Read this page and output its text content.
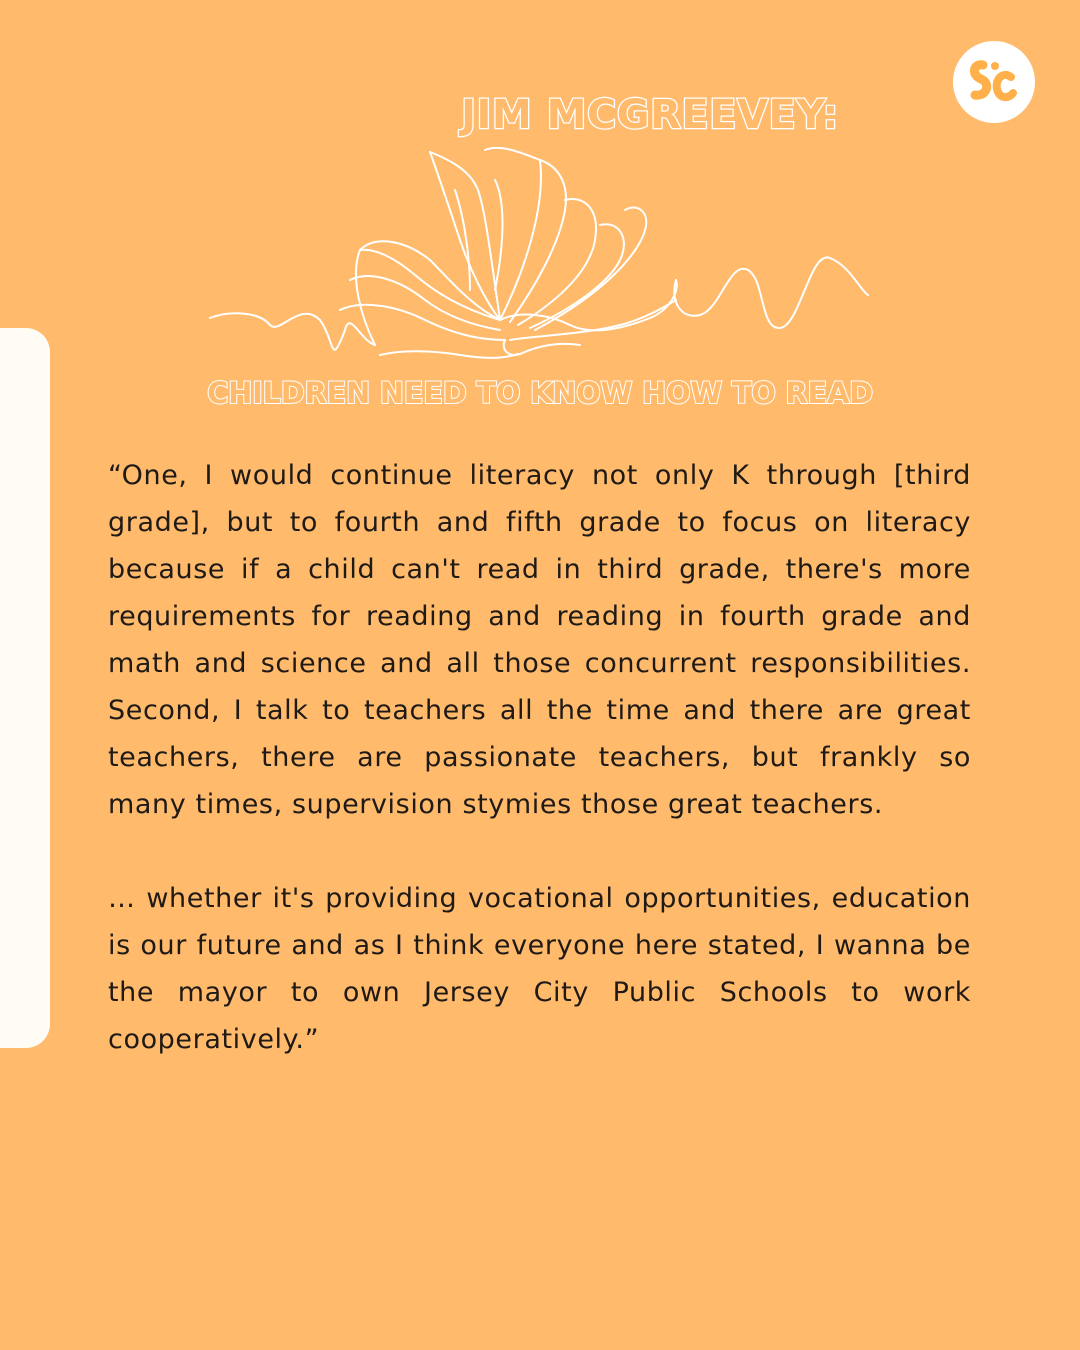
JIM MCGREEVEY:
CHILDREN NEED TO KNOW HOW TO READ

“One, I would continue literacy not only K through [third grade], but to fourth and fifth grade to focus on literacy because if a child can't read in third grade, there's more requirements for reading and reading in fourth grade and math and science and all those concurrent responsibilities. Second, I talk to teachers all the time and there are great teachers, there are passionate teachers, but frankly so many times, supervision stymies those great teachers.

… whether it's providing vocational opportunities, education is our future and as I think everyone here stated, I wanna be the mayor to own Jersey City Public Schools to work cooperatively.”
